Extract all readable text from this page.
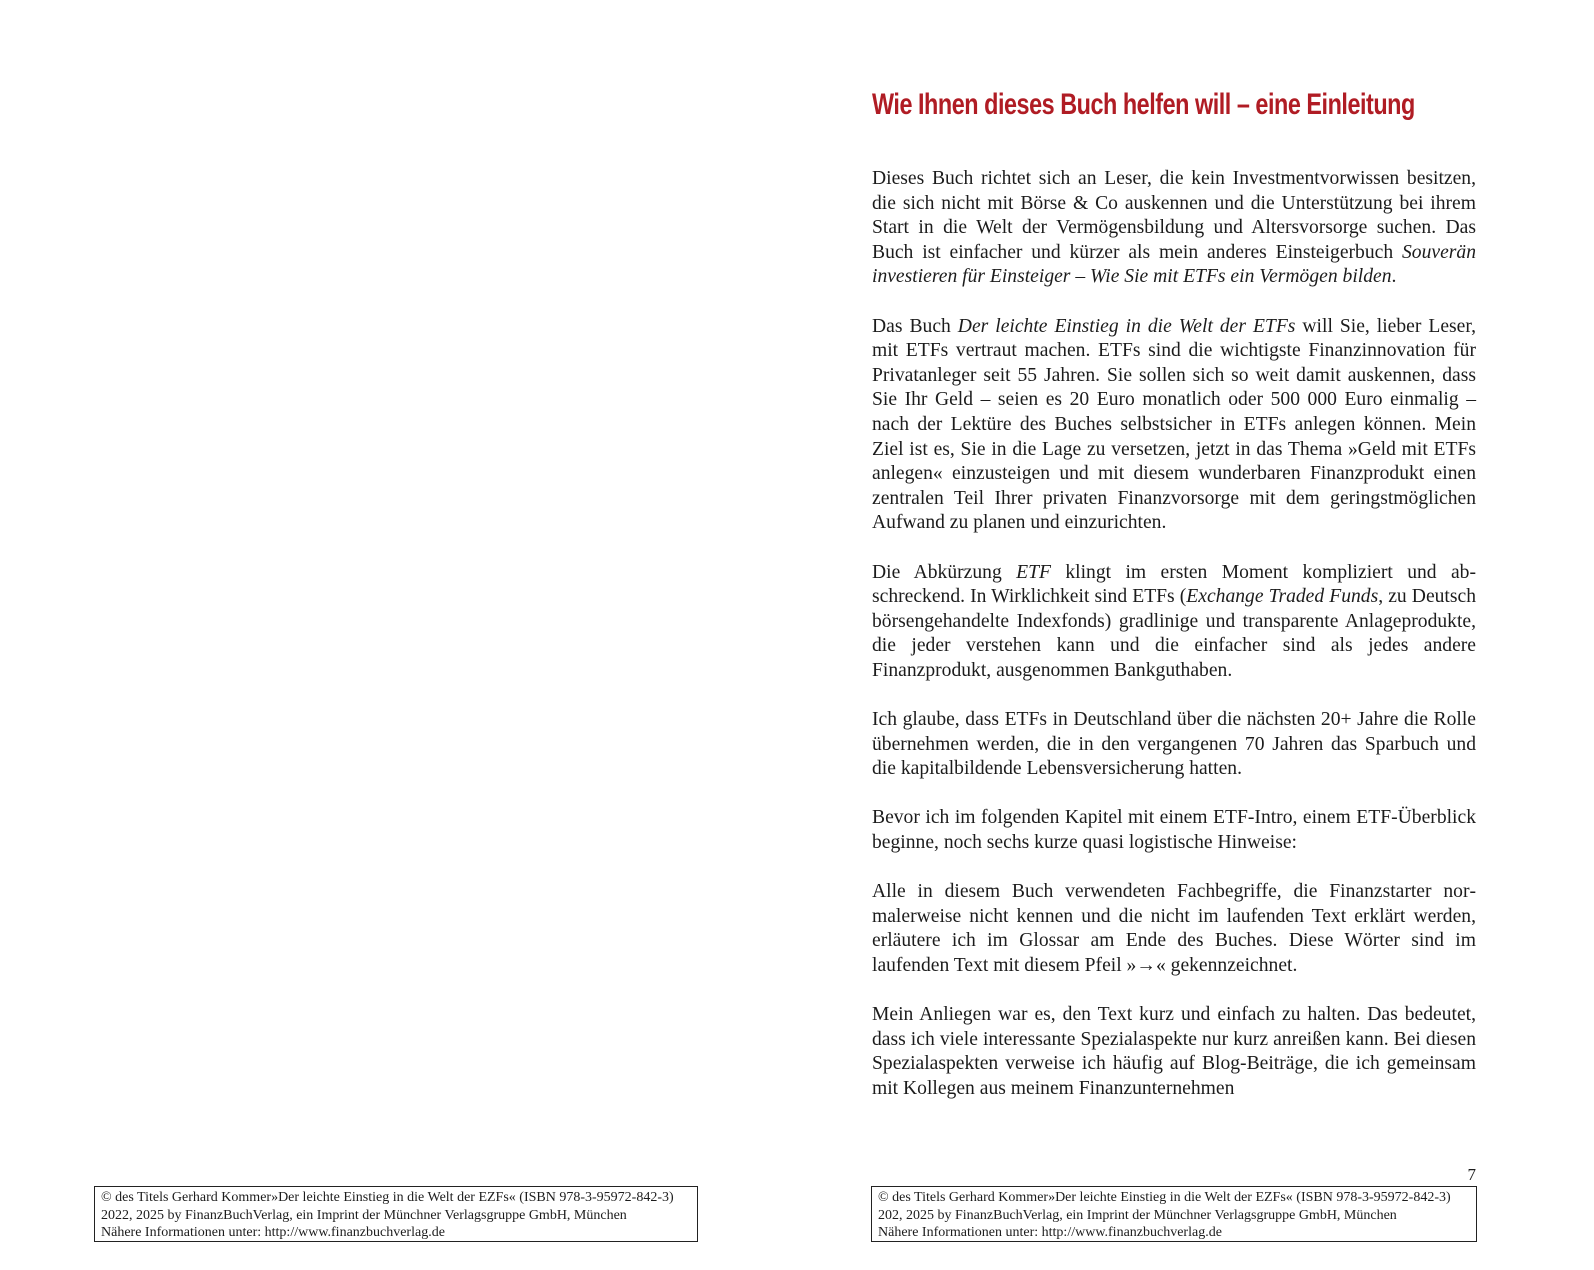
© des Titels Gerhard Kommer»Der leichte Einstieg in die Welt der EZFs« (ISBN 978-3-95972-842-3)
2022, 2025 by FinanzBuchVerlag, ein Imprint der Münchner Verlagsgruppe GmbH, München
Nähere Informationen unter: http://www.finanzbuchverlag.de
Wie Ihnen dieses Buch helfen will – eine Einleitung

Dieses Buch richtet sich an Leser, die kein Investmentvorwissen besitzen, die sich nicht mit Börse & Co auskennen und die Unterstützung bei ihrem Start in die Welt der Vermögensbildung und Altersvorsorge suchen. Das Buch ist einfacher und kürzer als mein anderes Einsteigerbuch Souverän investieren für Einsteiger – Wie Sie mit ETFs ein Vermögen bilden.

Das Buch Der leichte Einstieg in die Welt der ETFs will Sie, lieber Leser, mit ETFs vertraut machen. ETFs sind die wichtigste Finanzinnovation für Privatanleger seit 55 Jahren. Sie sollen sich so weit damit auskennen, dass Sie Ihr Geld – seien es 20 Euro monatlich oder 500 000 Euro einmalig – nach der Lektüre des Buches selbstsicher in ETFs anlegen können. Mein Ziel ist es, Sie in die Lage zu versetzen, jetzt in das Thema »Geld mit ETFs anlegen« einzusteigen und mit diesem wunderbaren Finanzprodukt einen zentralen Teil Ihrer privaten Finanzvorsorge mit dem geringstmöglichen Aufwand zu planen und einzurichten.

Die Abkürzung ETF klingt im ersten Moment kompliziert und abschreckend. In Wirklichkeit sind ETFs (Exchange Traded Funds, zu Deutsch börsengehandelte Indexfonds) gradlinige und transparente Anlageprodukte, die jeder verstehen kann und die einfacher sind als jedes andere Finanzprodukt, ausgenommen Bankguthaben.

Ich glaube, dass ETFs in Deutschland über die nächsten 20+ Jahre die Rolle übernehmen werden, die in den vergangenen 70 Jahren das Sparbuch und die kapitalbildende Lebensversicherung hatten.

Bevor ich im folgenden Kapitel mit einem ETF-Intro, einem ETF-Überblick beginne, noch sechs kurze quasi logistische Hinweise:

Alle in diesem Buch verwendeten Fachbegriffe, die Finanzstarter normalerweise nicht kennen und die nicht im laufenden Text erklärt werden, erläutere ich im Glossar am Ende des Buches. Diese Wörter sind im laufenden Text mit diesem Pfeil »→« gekennzeichnet.

Mein Anliegen war es, den Text kurz und einfach zu halten. Das bedeutet, dass ich viele interessante Spezialaspekte nur kurz anreißen kann. Bei diesen Spezialaspekten verweise ich häufig auf Blog-Beiträge, die ich gemeinsam mit Kollegen aus meinem Finanzunternehmen

7
© des Titels Gerhard Kommer»Der leichte Einstieg in die Welt der EZFs« (ISBN 978-3-95972-842-3)
202, 2025 by FinanzBuchVerlag, ein Imprint der Münchner Verlagsgruppe GmbH, München
Nähere Informationen unter: http://www.finanzbuchverlag.de
